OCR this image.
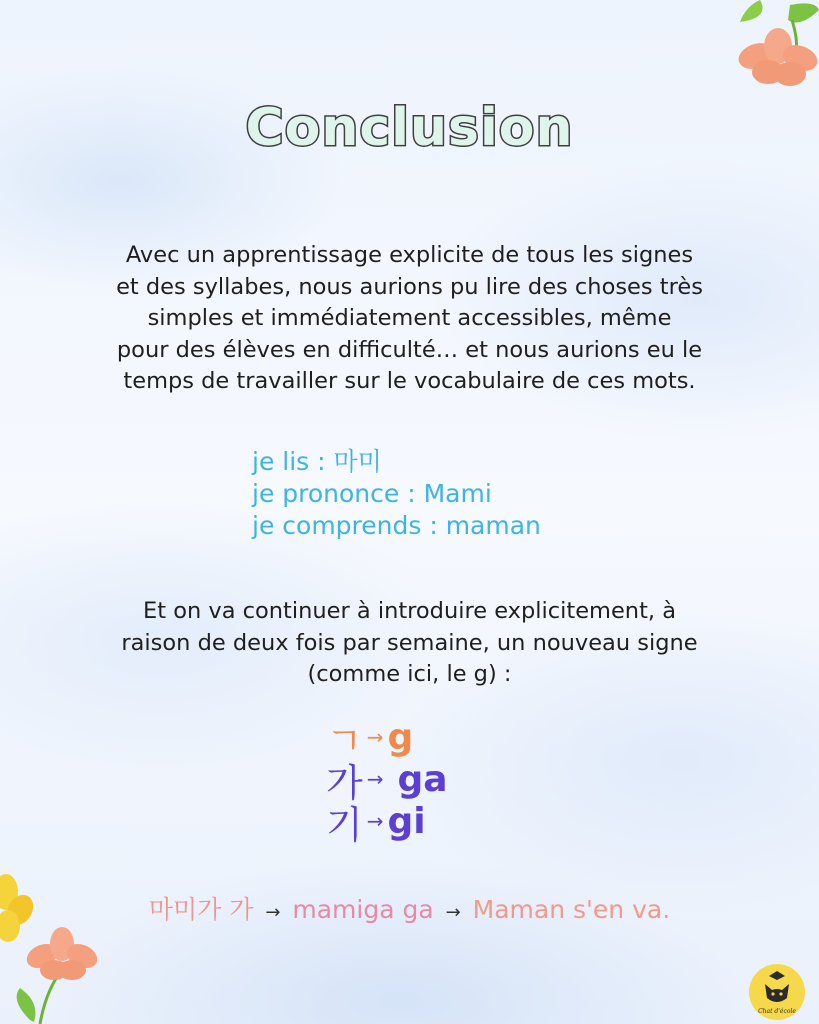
Conclusion
Avec un apprentissage explicite de tous les signes
et des syllabes, nous aurions pu lire des choses très
simples et immédiatement accessibles, même
pour des élèves en difficulté… et nous aurions eu le
temps de travailler sur le vocabulaire de ces mots.
je lis : 마미
je prononce : Mami
je comprends : maman
Et on va continuer à introduire explicitement, à
raison de deux fois par semaine, un nouveau signe
(comme ici, le g) :
ㄱ → g
가 → ga
기 → gi
마미가 가 → mamiga ga → Maman s'en va.
Chat d'école
